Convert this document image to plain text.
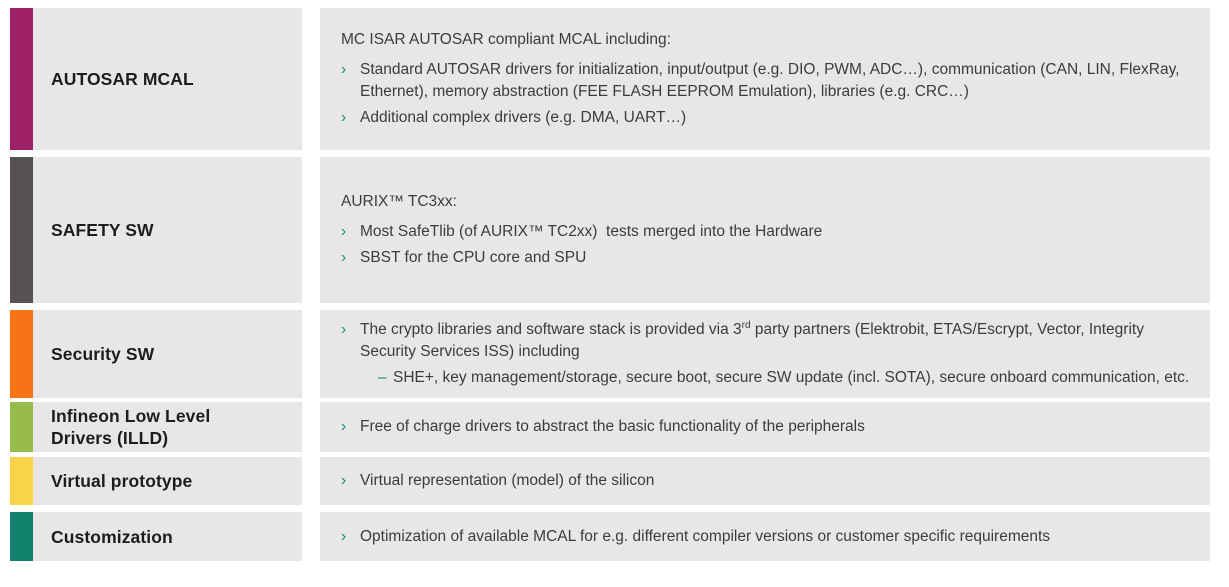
AUTOSAR MCAL
MC ISAR AUTOSAR compliant MCAL including:
› Standard AUTOSAR drivers for initialization, input/output (e.g. DIO, PWM, ADC…), communication (CAN, LIN, FlexRay, Ethernet), memory abstraction (FEE FLASH EEPROM Emulation), libraries (e.g. CRC…)
› Additional complex drivers (e.g. DMA, UART…)
SAFETY SW
AURIX™ TC3xx:
› Most SafeTlib (of AURIX™ TC2xx)  tests merged into the Hardware
› SBST for the CPU core and SPU
Security SW
› The crypto libraries and software stack is provided via 3rd party partners (Elektrobit, ETAS/Escrypt, Vector, Integrity Security Services ISS) including
– SHE+, key management/storage, secure boot, secure SW update (incl. SOTA), secure onboard communication, etc.
Infineon Low Level Drivers (ILLD)
› Free of charge drivers to abstract the basic functionality of the peripherals
Virtual prototype	› Virtual representation (model) of the silicon
Customization	› Optimization of available MCAL for e.g. different compiler versions or customer specific requirements
